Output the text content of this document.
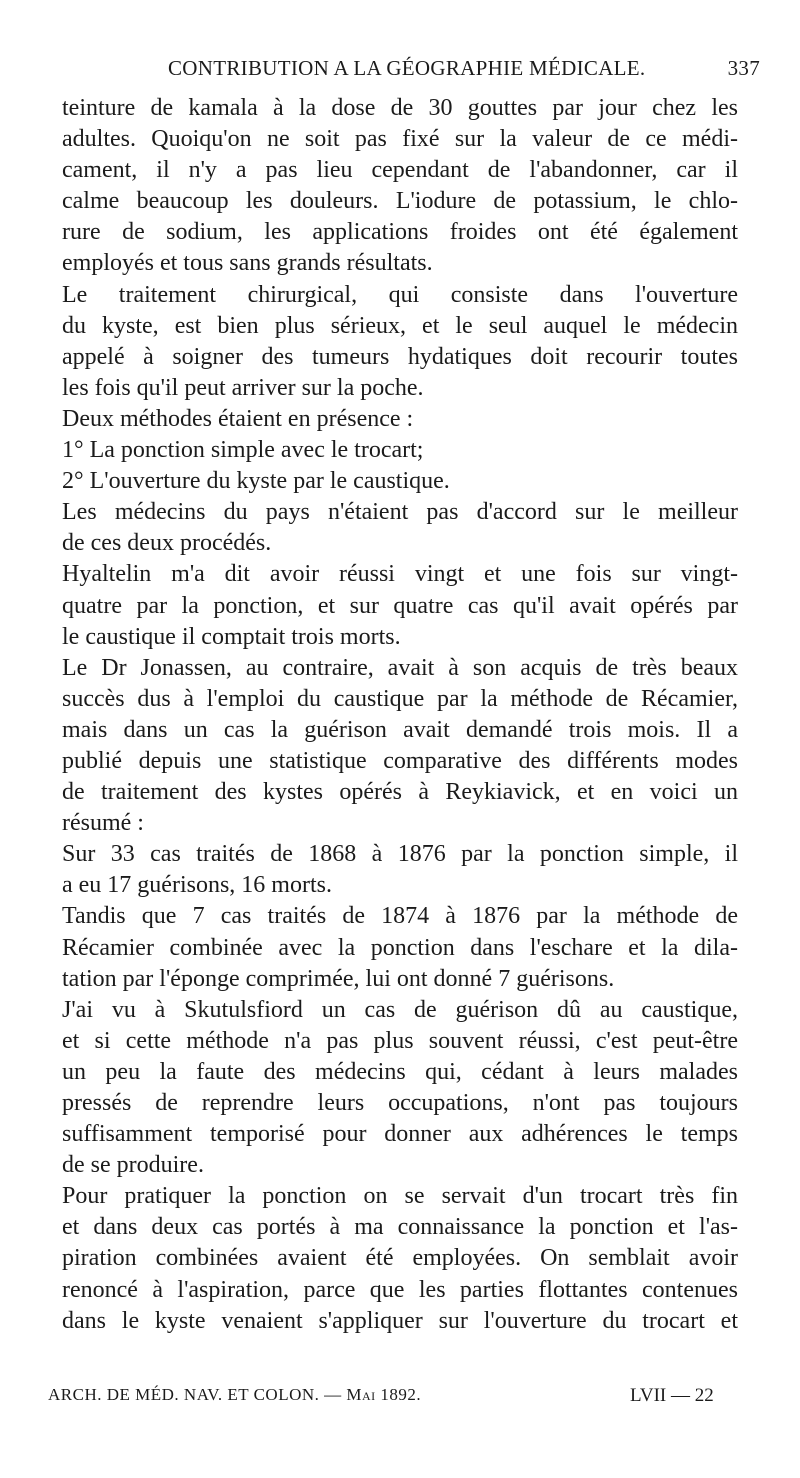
CONTRIBUTION A LA GÉOGRAPHIE MÉDICALE.	337
teinture de kamala à la dose de 30 gouttes par jour chez les
adultes. Quoiqu'on ne soit pas fixé sur la valeur de ce médi-
cament, il n'y a pas lieu cependant de l'abandonner, car il
calme beaucoup les douleurs. L'iodure de potassium, le chlo-
rure de sodium, les applications froides ont été également
employés et tous sans grands résultats.
Le traitement chirurgical, qui consiste dans l'ouverture
du kyste, est bien plus sérieux, et le seul auquel le médecin
appelé à soigner des tumeurs hydatiques doit recourir toutes
les fois qu'il peut arriver sur la poche.
Deux méthodes étaient en présence :
1° La ponction simple avec le trocart;
2° L'ouverture du kyste par le caustique.
Les médecins du pays n'étaient pas d'accord sur le meilleur
de ces deux procédés.
Hyaltelin m'a dit avoir réussi vingt et une fois sur vingt-
quatre par la ponction, et sur quatre cas qu'il avait opérés par
le caustique il comptait trois morts.
Le Dr Jonassen, au contraire, avait à son acquis de très beaux
succès dus à l'emploi du caustique par la méthode de Récamier,
mais dans un cas la guérison avait demandé trois mois. Il a
publié depuis une statistique comparative des différents modes
de traitement des kystes opérés à Reykiavick, et en voici un
résumé :
Sur 33 cas traités de 1868 à 1876 par la ponction simple, il
a eu 17 guérisons, 16 morts.
Tandis que 7 cas traités de 1874 à 1876 par la méthode de
Récamier combinée avec la ponction dans l'eschare et la dila-
tation par l'éponge comprimée, lui ont donné 7 guérisons.
J'ai vu à Skutulsfiord un cas de guérison dû au caustique,
et si cette méthode n'a pas plus souvent réussi, c'est peut-être
un peu la faute des médecins qui, cédant à leurs malades
pressés de reprendre leurs occupations, n'ont pas toujours
suffisamment temporisé pour donner aux adhérences le temps
de se produire.
Pour pratiquer la ponction on se servait d'un trocart très fin
et dans deux cas portés à ma connaissance la ponction et l'as-
piration combinées avaient été employées. On semblait avoir
renoncé à l'aspiration, parce que les parties flottantes contenues
dans le kyste venaient s'appliquer sur l'ouverture du trocart et
ARCH. DE MÉD. NAV. ET COLON. — Mai 1892.	LVII — 22
